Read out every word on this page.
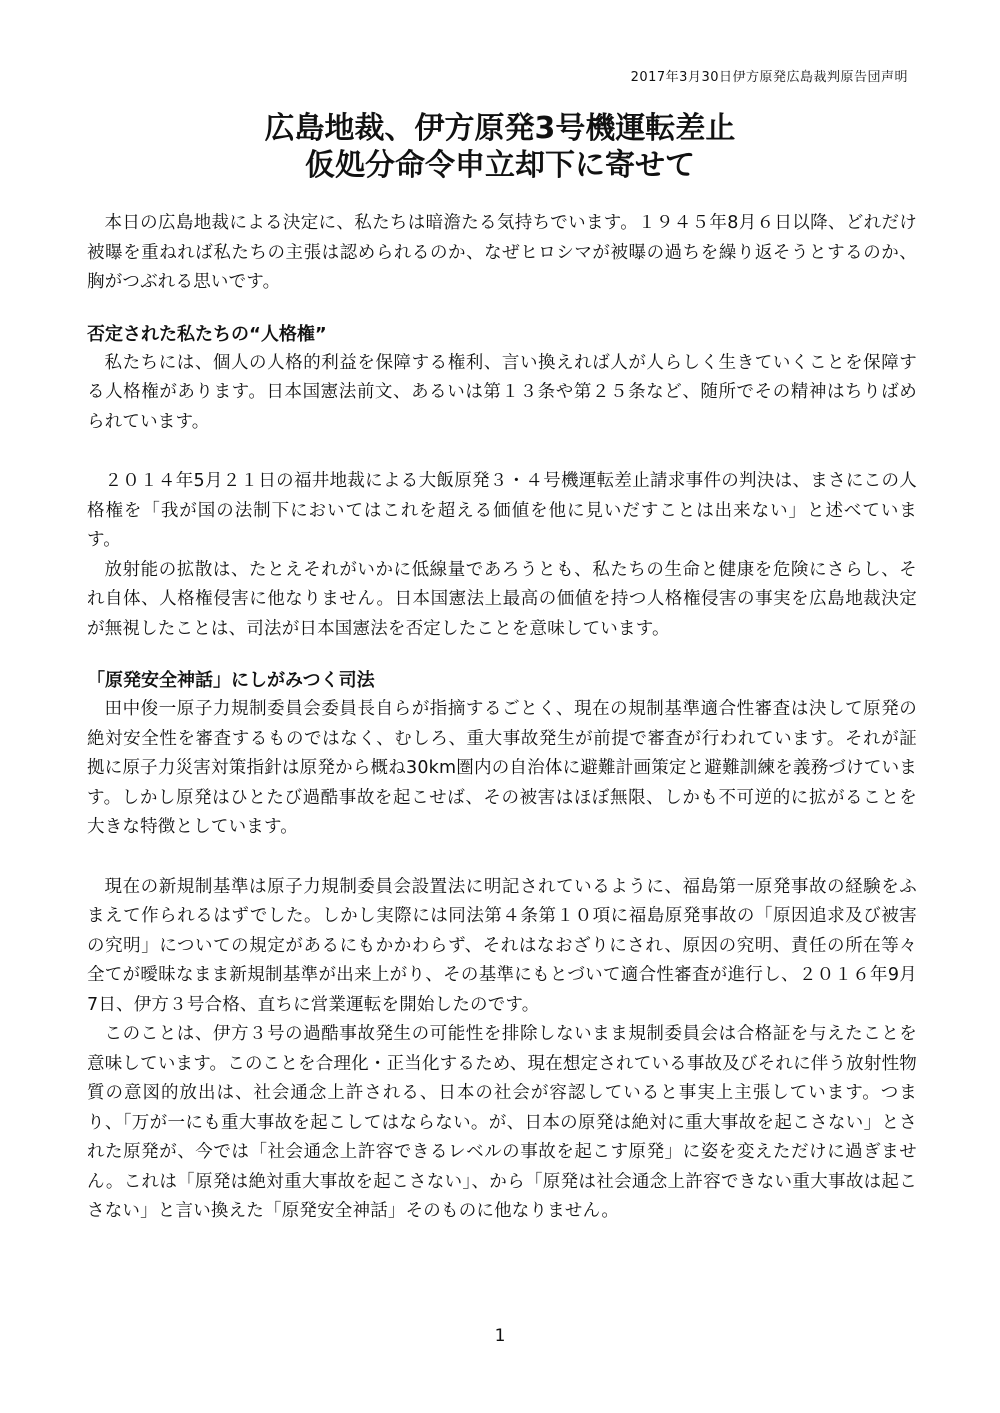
2017年3月30日伊方原発広島裁判原告団声明
広島地裁、伊方原発3号機運転差止
仮処分命令申立却下に寄せて

本日の広島地裁による決定に、私たちは暗澹たる気持ちでいます。１９４５年8月６日以降、どれだけ被曝を重ねれば私たちの主張は認められるのか、なぜヒロシマが被曝の過ちを繰り返そうとするのか、胸がつぶれる思いです。

否定された私たちの“人格権”

私たちには、個人の人格的利益を保障する権利、言い換えれば人が人らしく生きていくことを保障する人格権があります。日本国憲法前文、あるいは第１３条や第２５条など、随所でその精神はちりばめられています。

２０１４年5月２１日の福井地裁による大飯原発３・４号機運転差止請求事件の判決は、まさにこの人格権を「我が国の法制下においてはこれを超える価値を他に見いだすことは出来ない」と述べています。

放射能の拡散は、たとえそれがいかに低線量であろうとも、私たちの生命と健康を危険にさらし、それ自体、人格権侵害に他なりません。日本国憲法上最高の価値を持つ人格権侵害の事実を広島地裁決定が無視したことは、司法が日本国憲法を否定したことを意味しています。

「原発安全神話」にしがみつく司法

田中俊一原子力規制委員会委員長自らが指摘するごとく、現在の規制基準適合性審査は決して原発の絶対安全性を審査するものではなく、むしろ、重大事故発生が前提で審査が行われています。それが証拠に原子力災害対策指針は原発から概ね30km圏内の自治体に避難計画策定と避難訓練を義務づけています。しかし原発はひとたび過酷事故を起こせば、その被害はほぼ無限、しかも不可逆的に拡がることを大きな特徴としています。

現在の新規制基準は原子力規制委員会設置法に明記されているように、福島第一原発事故の経験をふまえて作られるはずでした。しかし実際には同法第４条第１０項に福島原発事故の「原因追求及び被害の究明」についての規定があるにもかかわらず、それはなおざりにされ、原因の究明、責任の所在等々全てが曖昧なまま新規制基準が出来上がり、その基準にもとづいて適合性審査が進行し、２０１６年9月7日、伊方３号合格、直ちに営業運転を開始したのです。

このことは、伊方３号の過酷事故発生の可能性を排除しないまま規制委員会は合格証を与えたことを意味しています。このことを合理化・正当化するため、現在想定されている事故及びそれに伴う放射性物質の意図的放出は、社会通念上許される、日本の社会が容認していると事実上主張しています。つまり、「万が一にも重大事故を起こしてはならない。が、日本の原発は絶対に重大事故を起こさない」とされた原発が、今では「社会通念上許容できるレベルの事故を起こす原発」に姿を変えただけに過ぎません。これは「原発は絶対重大事故を起こさない」、から「原発は社会通念上許容できない重大事故は起こさない」と言い換えた「原発安全神話」そのものに他なりません。

1
